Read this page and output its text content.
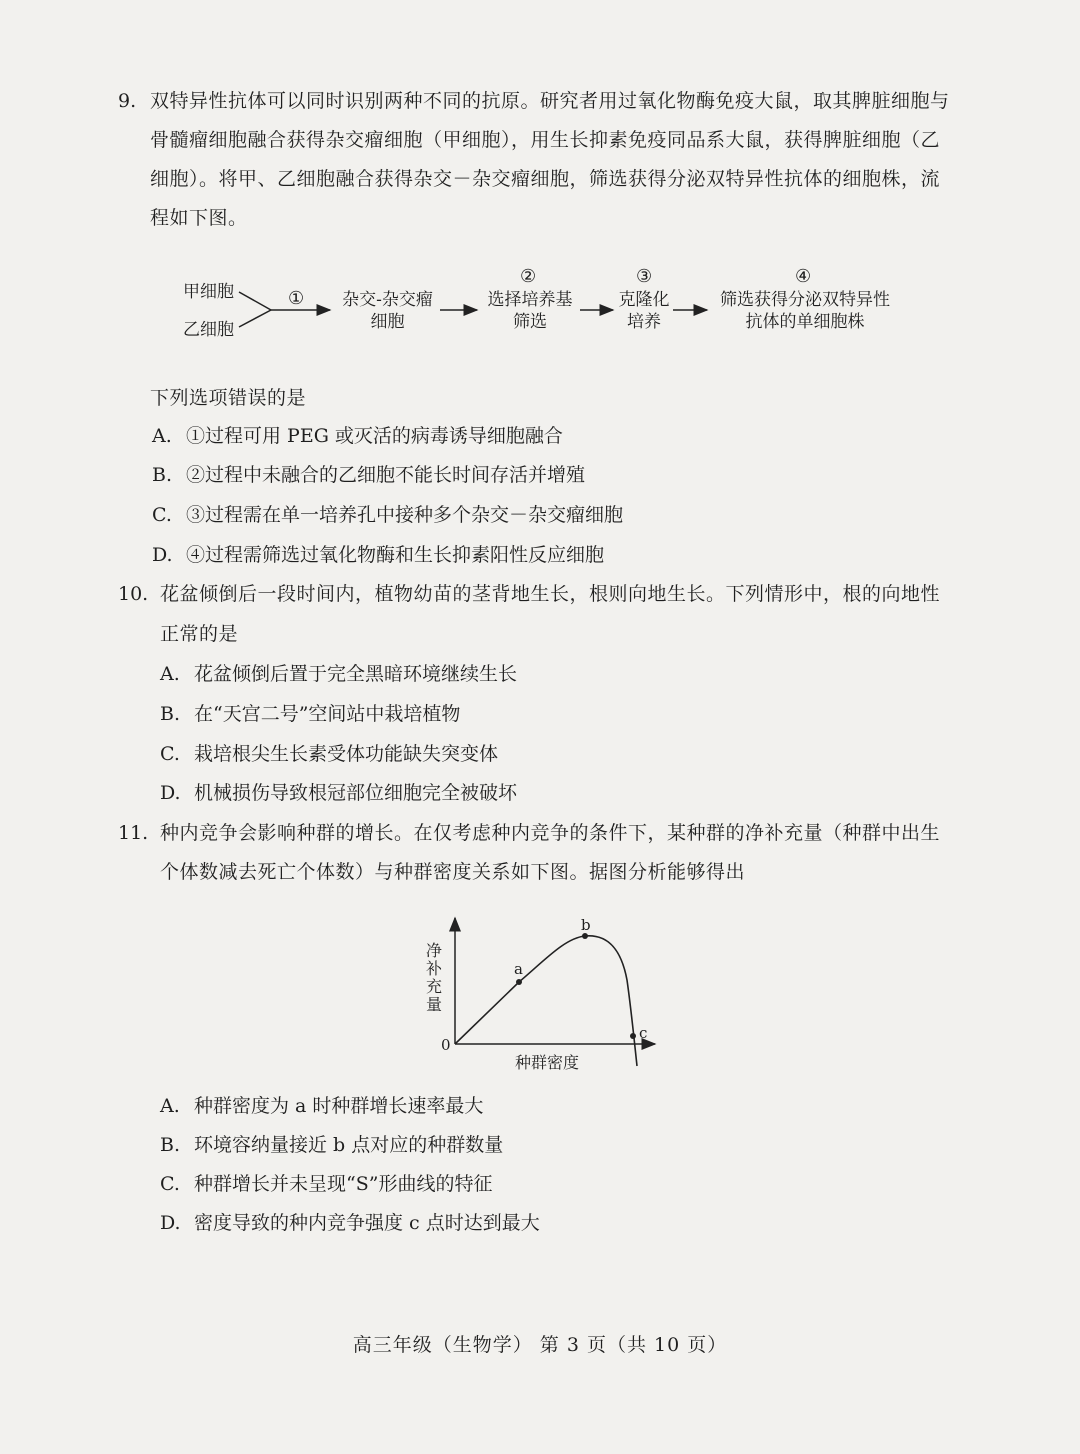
9. 双特异性抗体可以同时识别两种不同的抗原。研究者用过氧化物酶免疫大鼠，取其脾脏细胞与
骨髓瘤细胞融合获得杂交瘤细胞（甲细胞），用生长抑素免疫同品系大鼠，获得脾脏细胞（乙
细胞）。将甲、乙细胞融合获得杂交－杂交瘤细胞，筛选获得分泌双特异性抗体的细胞株，流
程如下图。
甲细胞
乙细胞
①	杂交-杂交瘤
细胞
②
选择培养基
筛选
③
克隆化
培养
④
筛选获得分泌双特异性
抗体的单细胞株
下列选项错误的是
A. ①过程可用 PEG 或灭活的病毒诱导细胞融合
B. ②过程中未融合的乙细胞不能长时间存活并增殖
C. ③过程需在单一培养孔中接种多个杂交－杂交瘤细胞
D. ④过程需筛选过氧化物酶和生长抑素阳性反应细胞
10. 花盆倾倒后一段时间内，植物幼苗的茎背地生长，根则向地生长。下列情形中，根的向地性
正常的是
A. 花盆倾倒后置于完全黑暗环境继续生长
B. 在“天宫二号”空间站中栽培植物
C. 栽培根尖生长素受体功能缺失突变体
D. 机械损伤导致根冠部位细胞完全被破坏
11. 种内竞争会影响种群的增长。在仅考虑种内竞争的条件下，某种群的净补充量（种群中出生
个体数减去死亡个体数）与种群密度关系如下图。据图分析能够得出
净补充量
种群密度
0
a
b
c
A. 种群密度为 a 时种群增长速率最大
B. 环境容纳量接近 b 点对应的种群数量
C. 种群增长并未呈现“S”形曲线的特征
D. 密度导致的种内竞争强度 c 点时达到最大
高三年级（生物学） 第 3 页（共 10 页）
